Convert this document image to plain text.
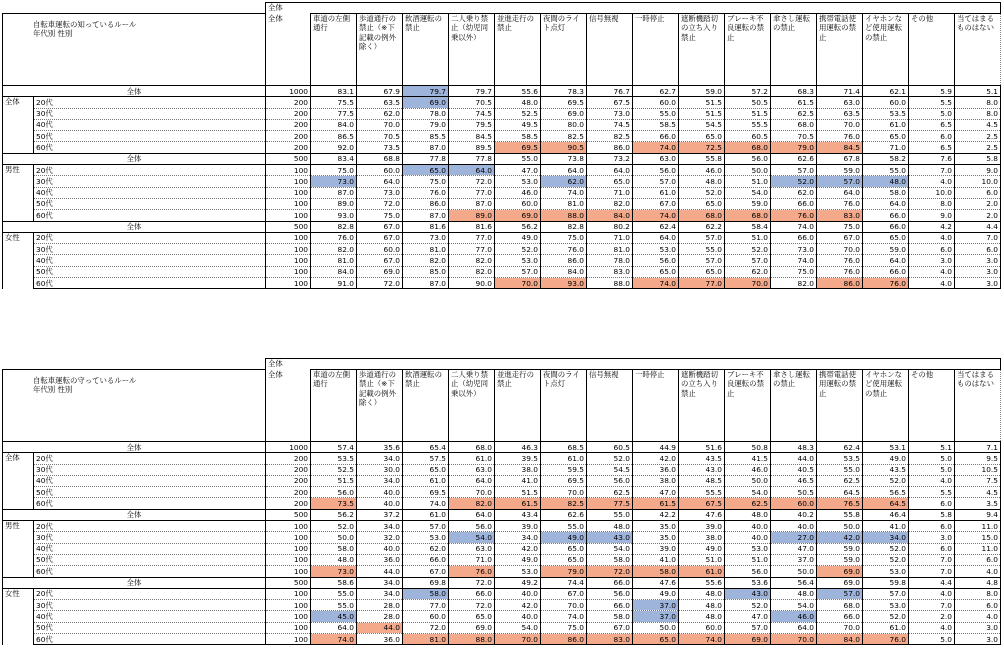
		全体															

自転車運転の知っているルール
年代別 性別		全体	車道の左側通行	歩道通行の禁止（※下記載の例外除く）	飲酒運転の禁止	二人乗り禁止（幼児同乗以外）	並進走行の禁止	夜間のライト点灯	信号無視	一時停止	遮断機踏切の立ち入り禁止	ブレーキ不良運転の禁止	傘さし運転の禁止	携帯電話使用運転の禁止	イヤホンなど使用運転の禁止	その他	当てはまるものはない
全体		1000	83.1	67.9	79.7	79.7	55.6	78.3	76.7	62.7	59.0	57.2	68.3	71.4	62.1	5.9	5.1
全体	20代	200	75.5	63.5	69.0	70.5	48.0	69.5	67.5	60.0	51.5	50.5	61.5	63.0	60.0	5.5	8.0
	30代	200	77.5	62.0	78.0	74.5	52.5	69.0	73.0	55.0	51.5	51.5	62.5	63.5	53.5	5.0	8.0
	40代	200	84.0	70.0	79.0	79.5	49.5	80.0	74.5	58.5	54.5	55.5	68.0	70.0	61.0	6.5	4.5
	50代	200	86.5	70.5	85.5	84.5	58.5	82.5	82.5	66.0	65.0	60.5	70.5	76.0	65.0	6.0	2.5
	60代	200	92.0	73.5	87.0	89.5	69.5	90.5	86.0	74.0	72.5	68.0	79.0	84.5	71.0	6.5	2.5
全体		500	83.4	68.8	77.8	77.8	55.0	73.8	73.2	63.0	55.8	56.0	62.6	67.8	58.2	7.6	5.8
男性	20代	100	75.0	60.0	65.0	64.0	47.0	64.0	64.0	56.0	46.0	50.0	57.0	59.0	55.0	7.0	9.0
	30代	100	73.0	64.0	75.0	72.0	53.0	62.0	65.0	57.0	48.0	51.0	52.0	57.0	48.0	4.0	10.0
	40代	100	87.0	73.0	76.0	77.0	46.0	74.0	71.0	61.0	52.0	54.0	62.0	64.0	58.0	10.0	6.0
	50代	100	89.0	72.0	86.0	87.0	60.0	81.0	82.0	67.0	65.0	59.0	66.0	76.0	64.0	8.0	2.0
	60代	100	93.0	75.0	87.0	89.0	69.0	88.0	84.0	74.0	68.0	68.0	76.0	83.0	66.0	9.0	2.0
全体		500	82.8	67.0	81.6	81.6	56.2	82.8	80.2	62.4	62.2	58.4	74.0	75.0	66.0	4.2	4.4
女性	20代	100	76.0	67.0	73.0	77.0	49.0	75.0	71.0	64.0	57.0	51.0	66.0	67.0	65.0	4.0	7.0
	30代	100	82.0	60.0	81.0	77.0	52.0	76.0	81.0	53.0	55.0	52.0	73.0	70.0	59.0	6.0	6.0
	40代	100	81.0	67.0	82.0	82.0	53.0	86.0	78.0	56.0	57.0	57.0	74.0	76.0	64.0	3.0	3.0
	50代	100	84.0	69.0	85.0	82.0	57.0	84.0	83.0	65.0	65.0	62.0	75.0	76.0	66.0	4.0	3.0
	60代	100	91.0	72.0	87.0	90.0	70.0	93.0	88.0	74.0	77.0	70.0	82.0	86.0	76.0	4.0	3.0
		全体															

自転車運転の守っているルール
年代別 性別		全体	車道の左側通行	歩道通行の禁止（※下記載の例外除く）	飲酒運転の禁止	二人乗り禁止（幼児同乗以外）	並進走行の禁止	夜間のライト点灯	信号無視	一時停止	遮断機踏切の立ち入り禁止	ブレーキ不良運転の禁止	傘さし運転の禁止	携帯電話使用運転の禁止	イヤホンなど使用運転の禁止	その他	当てはまるものはない
全体		1000	57.4	35.6	65.4	68.0	46.3	68.5	60.5	44.9	51.6	50.8	48.3	62.4	53.1	5.1	7.1
全体	20代	200	53.5	34.0	57.5	61.0	39.5	61.0	52.0	42.0	43.5	41.5	44.0	53.5	49.0	5.0	9.5
	30代	200	52.5	30.0	65.0	63.0	38.0	59.5	54.5	36.0	43.0	46.0	40.5	55.0	43.5	5.0	10.5
	40代	200	51.5	34.0	61.0	64.0	41.0	69.5	56.0	38.0	48.5	50.0	46.5	62.5	52.0	4.0	7.5
	50代	200	56.0	40.0	69.5	70.0	51.5	70.0	62.5	47.0	55.5	54.0	50.5	64.5	56.5	5.5	4.5
	60代	200	73.5	40.0	74.0	82.0	61.5	82.5	77.5	61.5	67.5	62.5	60.0	76.5	64.5	6.0	3.5
全体		500	56.2	37.2	61.0	64.0	43.4	62.6	55.0	42.2	47.6	48.0	40.2	55.8	46.4	5.8	9.4
男性	20代	100	52.0	34.0	57.0	56.0	39.0	55.0	48.0	35.0	39.0	40.0	40.0	50.0	41.0	6.0	11.0
	30代	100	50.0	32.0	53.0	54.0	34.0	49.0	43.0	35.0	38.0	40.0	27.0	42.0	34.0	3.0	15.0
	40代	100	58.0	40.0	62.0	63.0	42.0	65.0	54.0	39.0	49.0	53.0	47.0	59.0	52.0	6.0	11.0
	50代	100	48.0	36.0	66.0	71.0	49.0	65.0	58.0	41.0	51.0	51.0	37.0	59.0	52.0	7.0	6.0
	60代	100	73.0	44.0	67.0	76.0	53.0	79.0	72.0	58.0	61.0	56.0	50.0	69.0	53.0	7.0	4.0
全体		500	58.6	34.0	69.8	72.0	49.2	74.4	66.0	47.6	55.6	53.6	56.4	69.0	59.8	4.4	4.8
女性	20代	100	55.0	34.0	58.0	66.0	40.0	67.0	56.0	49.0	48.0	43.0	48.0	57.0	57.0	4.0	8.0
	30代	100	55.0	28.0	77.0	72.0	42.0	70.0	66.0	37.0	48.0	52.0	54.0	68.0	53.0	7.0	6.0
	40代	100	45.0	28.0	60.0	65.0	40.0	74.0	58.0	37.0	48.0	47.0	46.0	66.0	52.0	2.0	4.0
	50代	100	64.0	44.0	72.0	69.0	54.0	75.0	67.0	50.0	60.0	57.0	64.0	70.0	61.0	4.0	3.0
	60代	100	74.0	36.0	81.0	88.0	70.0	86.0	83.0	65.0	74.0	69.0	70.0	84.0	76.0	5.0	3.0
